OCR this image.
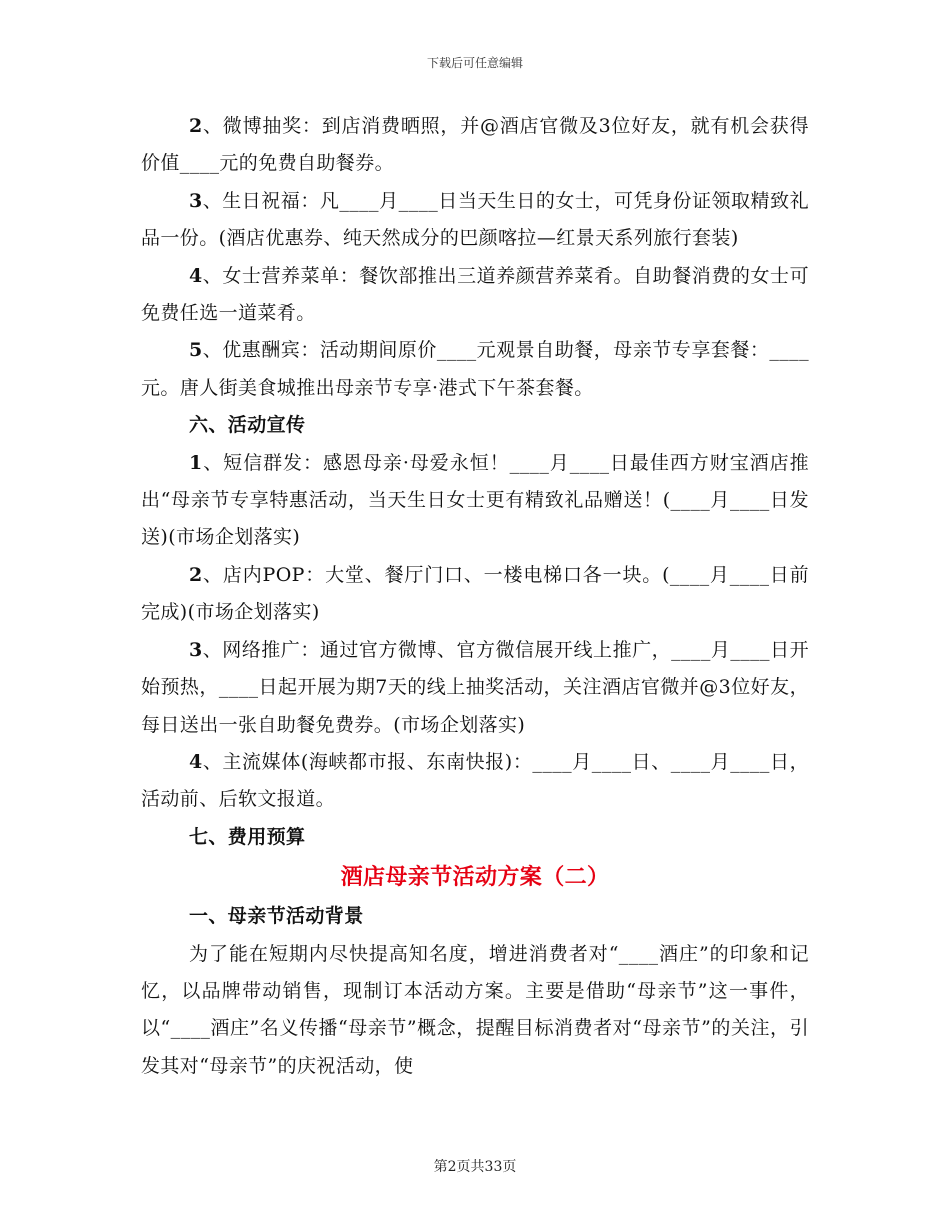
下载后可任意编辑

2、微博抽奖：到店消费晒照，并@酒店官微及3位好友，就有机会获得价值____元的免费自助餐券。

3、生日祝福：凡____月____日当天生日的女士，可凭身份证领取精致礼品一份。(酒店优惠券、纯天然成分的巴颜喀拉—红景天系列旅行套装)

4、女士营养菜单：餐饮部推出三道养颜营养菜肴。自助餐消费的女士可免费任选一道菜肴。

5、优惠酬宾：活动期间原价____元观景自助餐，母亲节专享套餐：____元。唐人街美食城推出母亲节专享·港式下午茶套餐。

六、活动宣传

1、短信群发：感恩母亲·母爱永恒！____月____日最佳西方财宝酒店推出“母亲节专享特惠活动，当天生日女士更有精致礼品赠送！(____月____日发送)(市场企划落实)

2、店内POP：大堂、餐厅门口、一楼电梯口各一块。(____月____日前完成)(市场企划落实)

3、网络推广：通过官方微博、官方微信展开线上推广，____月____日开始预热，____日起开展为期7天的线上抽奖活动，关注酒店官微并@3位好友，每日送出一张自助餐免费券。(市场企划落实)

4、主流媒体(海峡都市报、东南快报)：____月____日、____月____日，活动前、后软文报道。

七、费用预算

酒店母亲节活动方案（二）

一、母亲节活动背景

为了能在短期内尽快提高知名度，增进消费者对“____酒庄”的印象和记忆，以品牌带动销售，现制订本活动方案。主要是借助“母亲节”这一事件，以“____酒庄”名义传播“母亲节”概念，提醒目标消费者对“母亲节”的关注，引发其对“母亲节”的庆祝活动，使

第2页共33页
